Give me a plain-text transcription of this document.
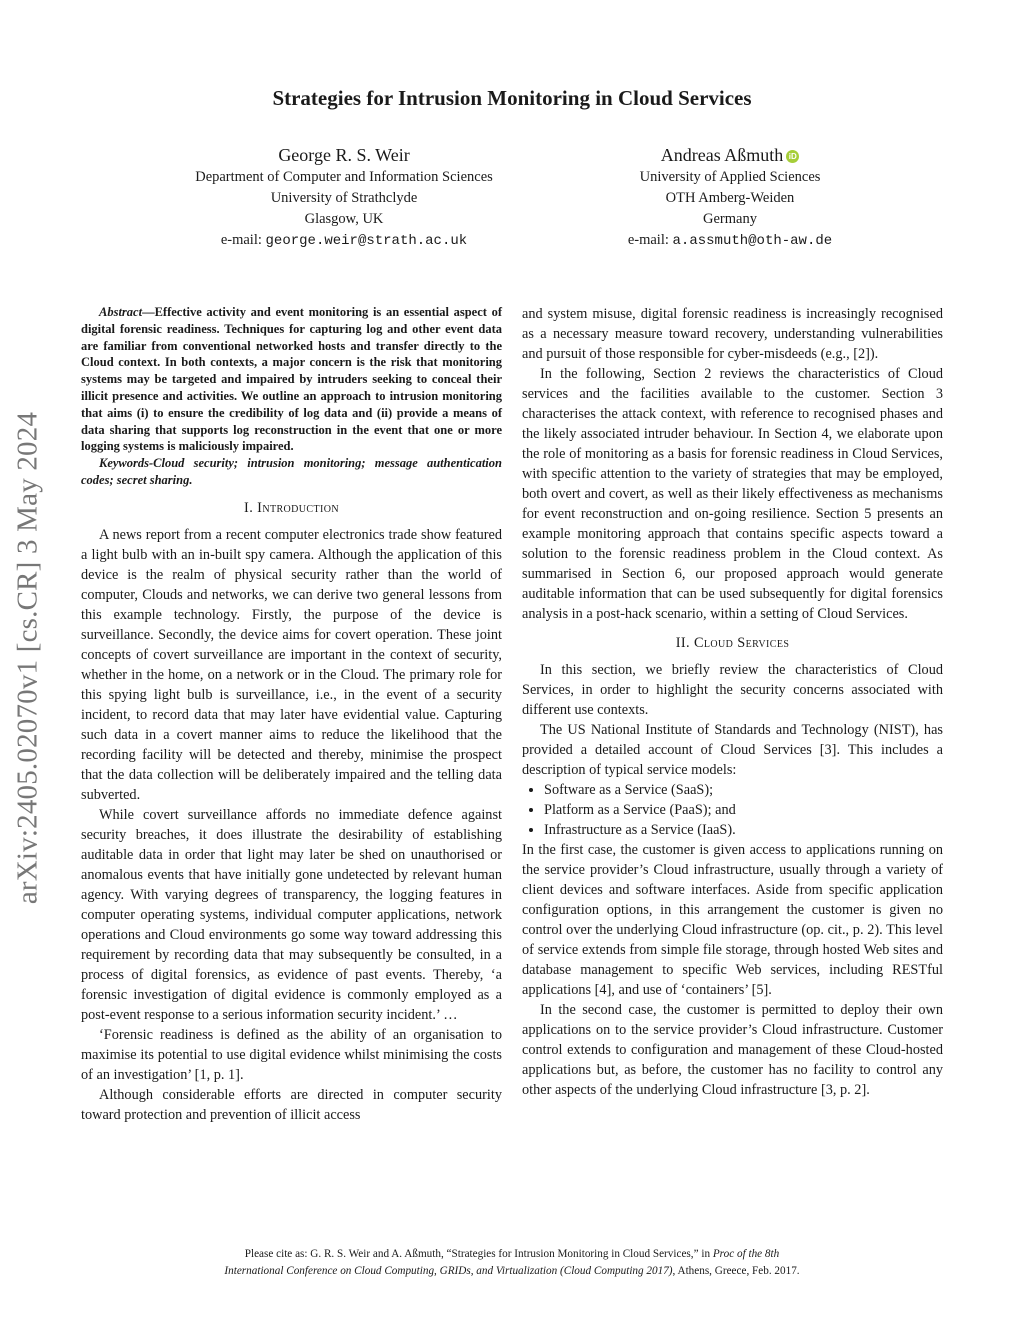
Strategies for Intrusion Monitoring in Cloud Services
George R. S. Weir
Department of Computer and Information Sciences
University of Strathclyde
Glasgow, UK
e-mail: george.weir@strath.ac.uk
Andreas Aßmuth iD
University of Applied Sciences
OTH Amberg-Weiden
Germany
e-mail: a.assmuth@oth-aw.de
arXiv:2405.02070v1 [cs.CR] 3 May 2024

Abstract—Effective activity and event monitoring is an essential aspect of digital forensic readiness. Techniques for capturing log and other event data are familiar from conventional networked hosts and transfer directly to the Cloud context. In both contexts, a major concern is the risk that monitoring systems may be targeted and impaired by intruders seeking to conceal their illicit presence and activities. We outline an approach to intrusion monitoring that aims (i) to ensure the credibility of log data and (ii) provide a means of data sharing that supports log reconstruction in the event that one or more logging systems is maliciously impaired.

Keywords-Cloud security; intrusion monitoring; message authentication codes; secret sharing.

I. Introduction

A news report from a recent computer electronics trade show featured a light bulb with an in-built spy camera. Although the application of this device is the realm of physical security rather than the world of computer, Clouds and networks, we can derive two general lessons from this example technology. Firstly, the purpose of the device is surveillance. Secondly, the device aims for covert operation. These joint concepts of covert surveillance are important in the context of security, whether in the home, on a network or in the Cloud. The primary role for this spying light bulb is surveillance, i.e., in the event of a security incident, to record data that may later have evidential value. Capturing such data in a covert manner aims to reduce the likelihood that the recording facility will be detected and thereby, minimise the prospect that the data collection will be deliberately impaired and the telling data subverted.

While covert surveillance affords no immediate defence against security breaches, it does illustrate the desirability of establishing auditable data in order that light may later be shed on unauthorised or anomalous events that have initially gone undetected by relevant human agency. With varying degrees of transparency, the logging features in computer operating systems, individual computer applications, network operations and Cloud environments go some way toward addressing this requirement by recording data that may subsequently be consulted, in a process of digital forensics, as evidence of past events. Thereby, ‘a forensic investigation of digital evidence is commonly employed as a post-event response to a serious information security incident.’ …

‘Forensic readiness is defined as the ability of an organisation to maximise its potential to use digital evidence whilst minimising the costs of an investigation’ [1, p. 1].

Although considerable efforts are directed in computer security toward protection and prevention of illicit access

and system misuse, digital forensic readiness is increasingly recognised as a necessary measure toward recovery, understanding vulnerabilities and pursuit of those responsible for cyber-misdeeds (e.g., [2]).

In the following, Section 2 reviews the characteristics of Cloud services and the facilities available to the customer. Section 3 characterises the attack context, with reference to recognised phases and the likely associated intruder behaviour. In Section 4, we elaborate upon the role of monitoring as a basis for forensic readiness in Cloud Services, with specific attention to the variety of strategies that may be employed, both overt and covert, as well as their likely effectiveness as mechanisms for event reconstruction and on-going resilience. Section 5 presents an example monitoring approach that contains specific aspects toward a solution to the forensic readiness problem in the Cloud context. As summarised in Section 6, our proposed approach would generate auditable information that can be used subsequently for digital forensics analysis in a post-hack scenario, within a setting of Cloud Services.

II. Cloud Services

In this section, we briefly review the characteristics of Cloud Services, in order to highlight the security concerns associated with different use contexts.

The US National Institute of Standards and Technology (NIST), has provided a detailed account of Cloud Services [3]. This includes a description of typical service models:

• Software as a Service (SaaS);
• Platform as a Service (PaaS); and
• Infrastructure as a Service (IaaS).

In the first case, the customer is given access to applications running on the service provider’s Cloud infrastructure, usually through a variety of client devices and software interfaces. Aside from specific application configuration options, in this arrangement the customer is given no control over the underlying Cloud infrastructure (op. cit., p. 2). This level of service extends from simple file storage, through hosted Web sites and database management to specific Web services, including RESTful applications [4], and use of ‘containers’ [5].

In the second case, the customer is permitted to deploy their own applications on to the service provider’s Cloud infrastructure. Customer control extends to configuration and management of these Cloud-hosted applications but, as before, the customer has no facility to control any other aspects of the underlying Cloud infrastructure [3, p. 2].

Please cite as: G. R. S. Weir and A. Aßmuth, “Strategies for Intrusion Monitoring in Cloud Services,” in Proc of the 8th
International Conference on Cloud Computing, GRIDs, and Virtualization (Cloud Computing 2017), Athens, Greece, Feb. 2017.
